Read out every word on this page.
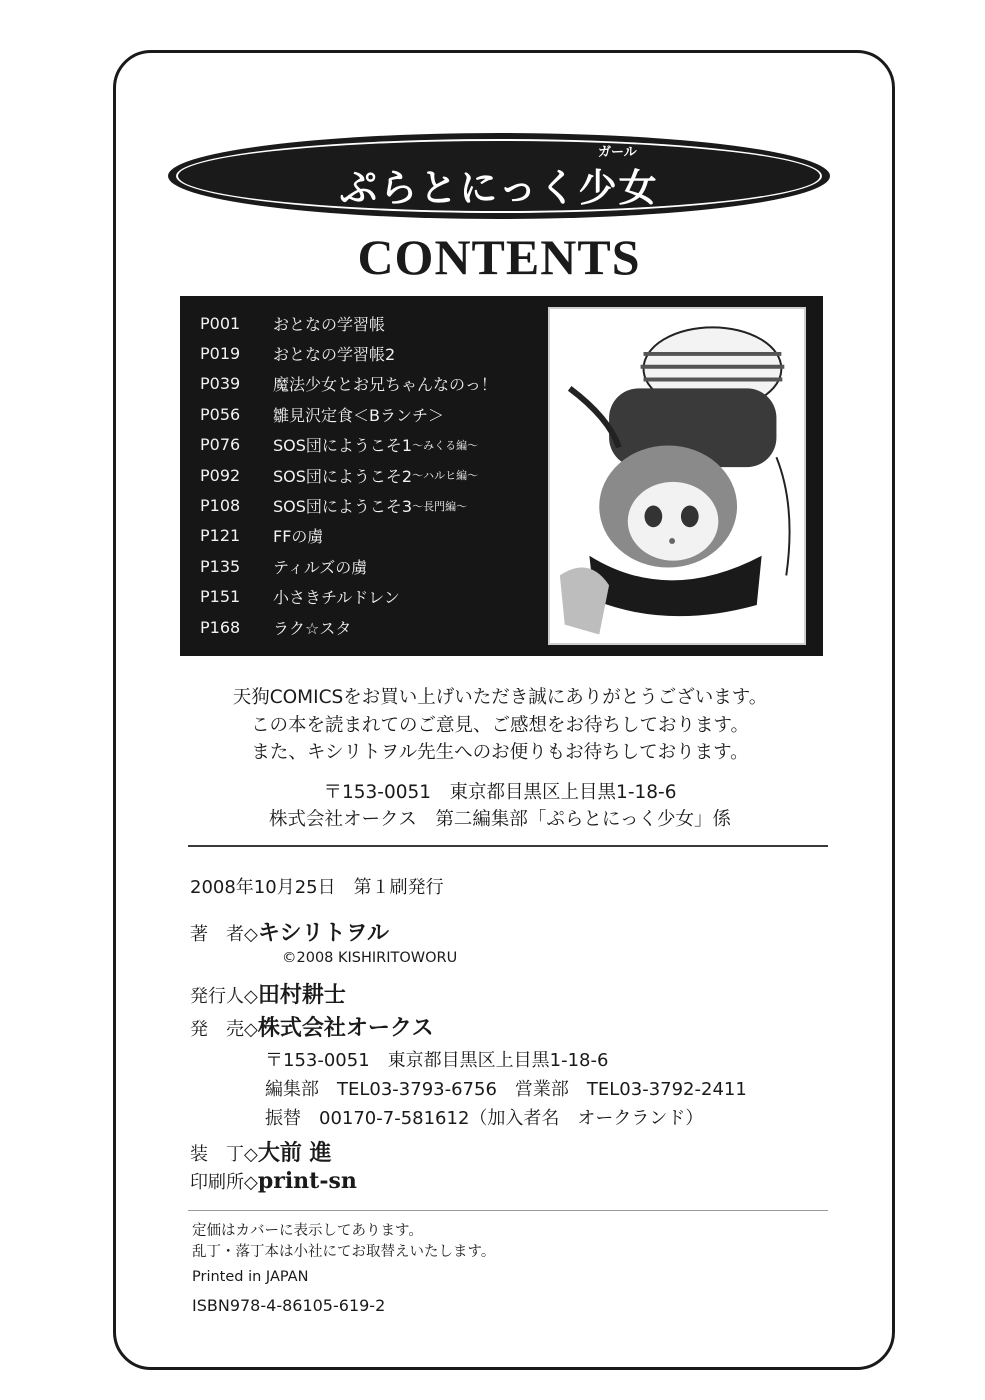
ガール
ぷらとにっく少女
CONTENTS
P001	おとなの学習帳
P019	おとなの学習帳2
P039	魔法少女とお兄ちゃんなのっ！
P056	雛見沢定食＜Bランチ＞
P076	SOS団にようこそ1 〜みくる編〜
P092	SOS団にようこそ2 〜ハルヒ編〜
P108	SOS団にようこそ3 〜長門編〜
P121	FFの虜
P135	ティルズの虜
P151	小さきチルドレン
P168	ラク☆スタ
天狗COMICSをお買い上げいただき誠にありがとうございます。
この本を読まれてのご意見、ご感想をお待ちしております。
また、キシリトヲル先生へのお便りもお待ちしております。
〒153-0051　東京都目黒区上目黒1-18-6
株式会社オークス　第二編集部「ぷらとにっく少女」係
2008年10月25日　第１刷発行
著　者◇キシリトヲル
©2008 KISHIRITOWORU
発行人◇田村耕士
発　売◇株式会社オークス
〒153-0051　東京都目黒区上目黒1-18-6
編集部　TEL03-3793-6756　営業部　TEL03-3792-2411
振替　00170-7-581612（加入者名　オークランド）
装　丁◇大前 進
印刷所◇print-sn
定価はカバーに表示してあります。
乱丁・落丁本は小社にてお取替えいたします。
Printed in JAPAN
ISBN978-4-86105-619-2
